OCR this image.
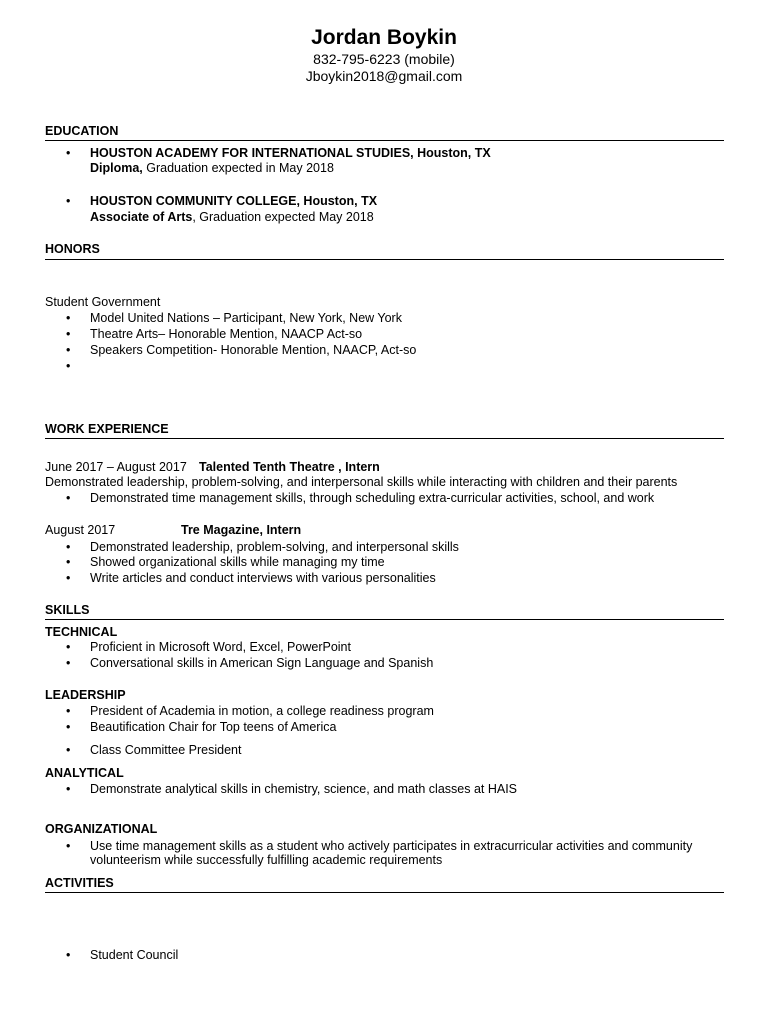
Jordan Boykin
832-795-6223 (mobile)
Jboykin2018@gmail.com
EDUCATION
• HOUSTON ACADEMY FOR INTERNATIONAL STUDIES, Houston, TX
Diploma, Graduation expected in May 2018
• HOUSTON COMMUNITY COLLEGE, Houston, TX
Associate of Arts, Graduation expected May 2018
HONORS
Student Government
• Model United Nations – Participant, New York, New York
• Theatre Arts– Honorable Mention, NAACP Act-so
• Speakers Competition- Honorable Mention, NAACP, Act-so
•
WORK EXPERIENCE
June 2017 – August 2017 Talented Tenth Theatre , Intern
Demonstrated leadership, problem-solving, and interpersonal skills while interacting with children and their parents
• Demonstrated time management skills, through scheduling extra-curricular activities, school, and work
August 2017	Tre Magazine, Intern
• Demonstrated leadership, problem-solving, and interpersonal skills
• Showed organizational skills while managing my time
• Write articles and conduct interviews with various personalities
SKILLS
TECHNICAL
• Proficient in Microsoft Word, Excel, PowerPoint
• Conversational skills in American Sign Language and Spanish
LEADERSHIP
• President of Academia in motion, a college readiness program
• Beautification Chair for Top teens of America
• Class Committee President
ANALYTICAL
• Demonstrate analytical skills in chemistry, science, and math classes at HAIS
ORGANIZATIONAL
• Use time management skills as a student who actively participates in extracurricular activities and community
volunteerism while successfully fulfilling academic requirements
ACTIVITIES
• Student Council
